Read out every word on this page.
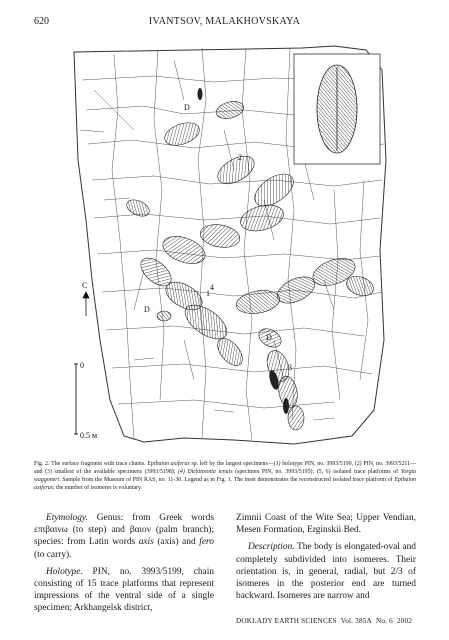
620	IVANTSOV, MALAKHOVSKAYA
D
D
D
C
1
2
3
4
0
0.5 м
Fig. 2. The surface fragment with trace chains. Epibaion axiferus sp. left by the largest specimens—(1) holotype PIN, no. 3993/5199, (2) PIN, no. 3993/5211—and (3) smallest of the available specimens (3993/5198); (4) Dickinsonia tenuis (specimen PIN, no. 3993/5195); (5, 6) isolated trace platforms of Yorgia waggoneri. Sample from the Museum of PIN RAS, no. 11-30. Legend as in Fig. 1. The inset demonstrates the reconstructed isolated trace platform of Epibaion axiferus; the number of isomeres is voluntary.

Etymology. Genus: from Greek words επιβαινω (to step) and βαιον (palm branch); species: from Latin words axis (axis) and fero (to carry).

Holotype. PIN, no. 3993/5199, chain consisting of 15 trace platforms that represent impressions of the ventral side of a single specimen; Arkhangelsk district,

Zimnii Coast of the Wite Sea; Upper Vendian, Mesen Formation, Erginskii Bed.

Description. The body is elongated-oval and completely subdivided into isomeres. Their orientation is, in general, radial, but 2/3 of isomeres in the posterior end are turned backward. Isomeres are narrow and

DOKLADY EARTH SCIENCES Vol. 385A No. 6 2002
